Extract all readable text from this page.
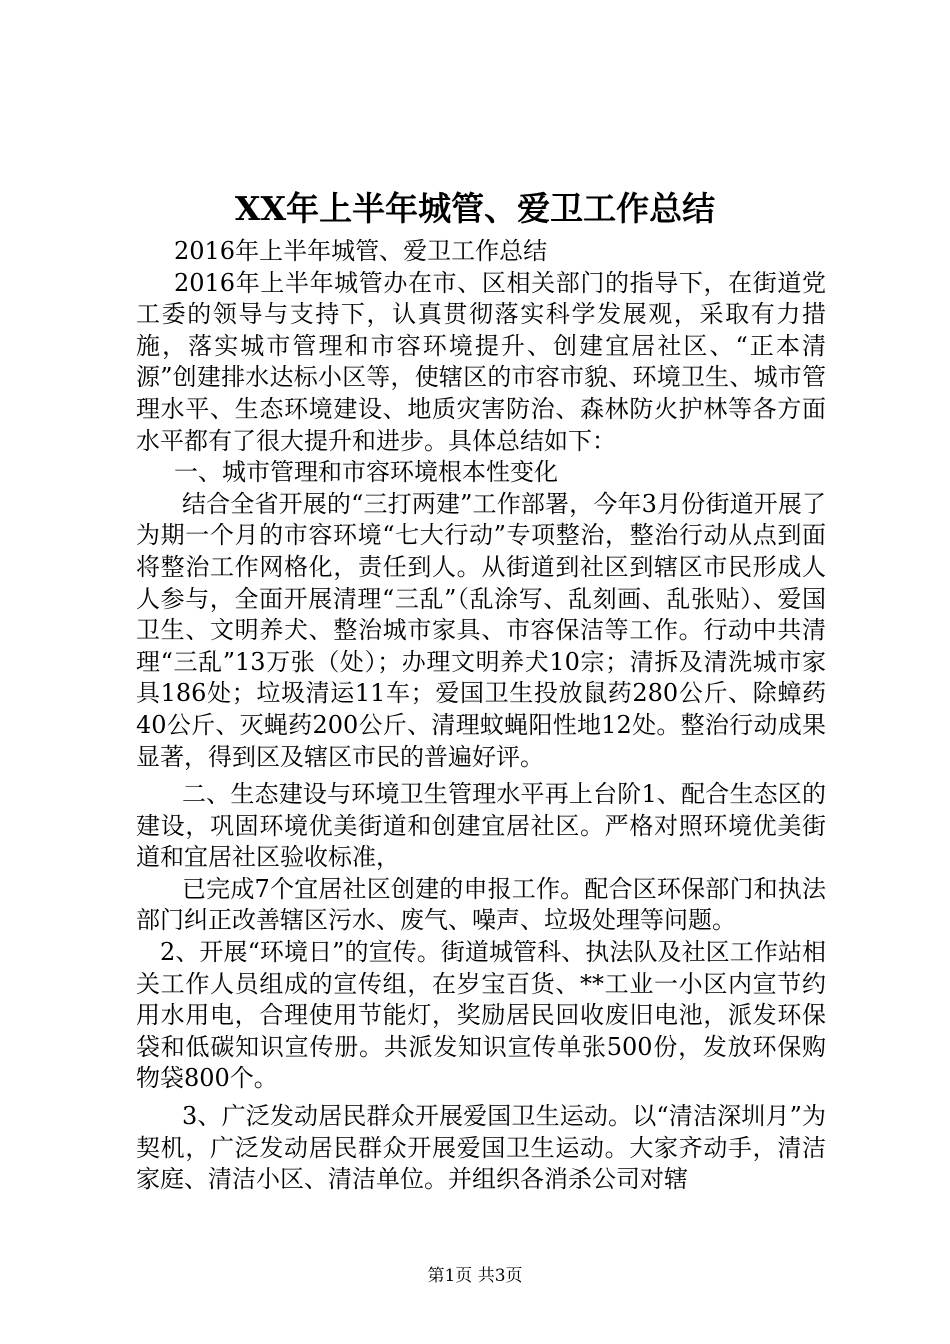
XX年上半年城管、爱卫工作总结

2016年上半年城管、爱卫工作总结

2016年上半年城管办在市、区相关部门的指导下，在街道党工委的领导与支持下，认真贯彻落实科学发展观，采取有力措施，落实城市管理和市容环境提升、创建宜居社区、“正本清源”创建排水达标小区等，使辖区的市容市貌、环境卫生、城市管理水平、生态环境建设、地质灾害防治、森林防火护林等各方面水平都有了很大提升和进步。具体总结如下：

一、城市管理和市容环境根本性变化

结合全省开展的“三打两建”工作部署，今年3月份街道开展了为期一个月的市容环境“七大行动”专项整治，整治行动从点到面将整治工作网格化，责任到人。从街道到社区到辖区市民形成人人参与，全面开展清理“三乱”（乱涂写、乱刻画、乱张贴）、爱国卫生、文明养犬、整治城市家具、市容保洁等工作。行动中共清理“三乱”13万张（处）；办理文明养犬10宗；清拆及清洗城市家具186处；垃圾清运11车；爱国卫生投放鼠药280公斤、除蟑药40公斤、灭蝇药200公斤、清理蚊蝇阳性地12处。整治行动成果显著，得到区及辖区市民的普遍好评。

二、生态建设与环境卫生管理水平再上台阶1、配合生态区的建设，巩固环境优美街道和创建宜居社区。严格对照环境优美街道和宜居社区验收标准，

已完成7个宜居社区创建的申报工作。配合区环保部门和执法部门纠正改善辖区污水、废气、噪声、垃圾处理等问题。

2、开展“环境日”的宣传。街道城管科、执法队及社区工作站相关工作人员组成的宣传组，在岁宝百货、**工业一小区内宣节约用水用电，合理使用节能灯，奖励居民回收废旧电池，派发环保袋和低碳知识宣传册。共派发知识宣传单张500份，发放环保购物袋800个。

3、广泛发动居民群众开展爱国卫生运动。以“清洁深圳月”为契机，广泛发动居民群众开展爱国卫生运动。大家齐动手，清洁家庭、清洁小区、清洁单位。并组织各消杀公司对辖

第1页 共3页
